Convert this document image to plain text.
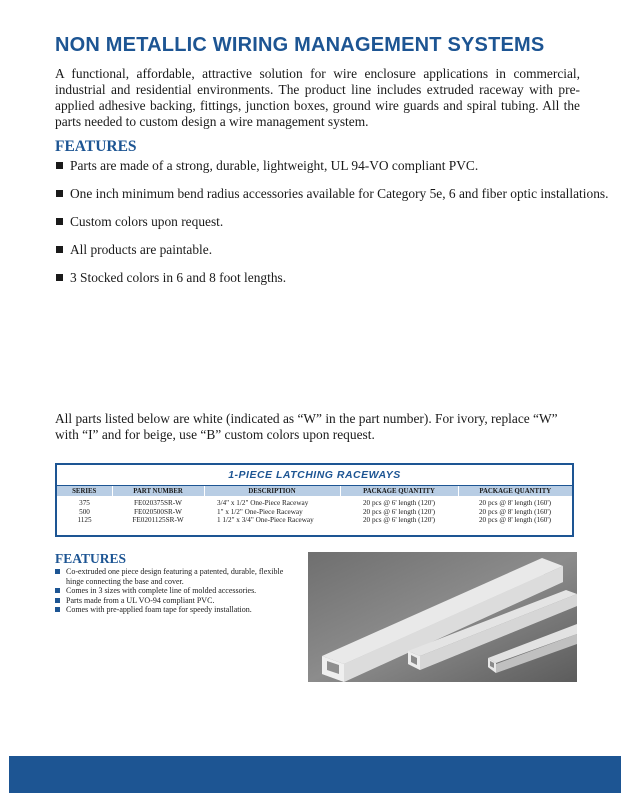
NON METALLIC WIRING MANAGEMENT SYSTEMS

A functional, affordable, attractive solution for wire enclosure applications in commercial, industrial and residential environments. The product line includes extruded raceway with pre-applied adhesive backing, fittings, junction boxes, ground wire guards and spiral tubing. All the parts needed to custom design a wire management system.

FEATURES
Parts are made of a strong, durable, lightweight, UL 94-VO compliant PVC.
One inch minimum bend radius accessories available for Category 5e, 6 and fiber optic installations.
Custom colors upon request.
All products are paintable.
3 Stocked colors in 6 and 8 foot lengths.

All parts listed below are white (indicated as “W” in the part number). For ivory, replace “W” with “I” and for beige, use “B” custom colors upon request.

1-PIECE LATCHING RACEWAYS
SERIES	PART NUMBER	DESCRIPTION	PACKAGE QUANTITY	PACKAGE QUANTITY
375	FE020375SR-W	3/4" x 1/2" One-Piece Raceway	20 pcs @ 6' length (120')	20 pcs @ 8' length (160')
500	FE020500SR-W	1" x 1/2" One-Piece Raceway	20 pcs @ 6' length (120')	20 pcs @ 8' length (160')
1125	FE0201125SR-W	1 1/2" x 3/4" One-Piece Raceway	20 pcs @ 6' length (120')	20 pcs @ 8' length (160')
FEATURES
Co-extruded one piece design featuring a patented, durable, flexible hinge connecting the base and cover.
Comes in 3 sizes with complete line of molded accessories.
Parts made from a UL VO-94 compliant PVC.
Comes with pre-applied foam tape for speedy installation.
